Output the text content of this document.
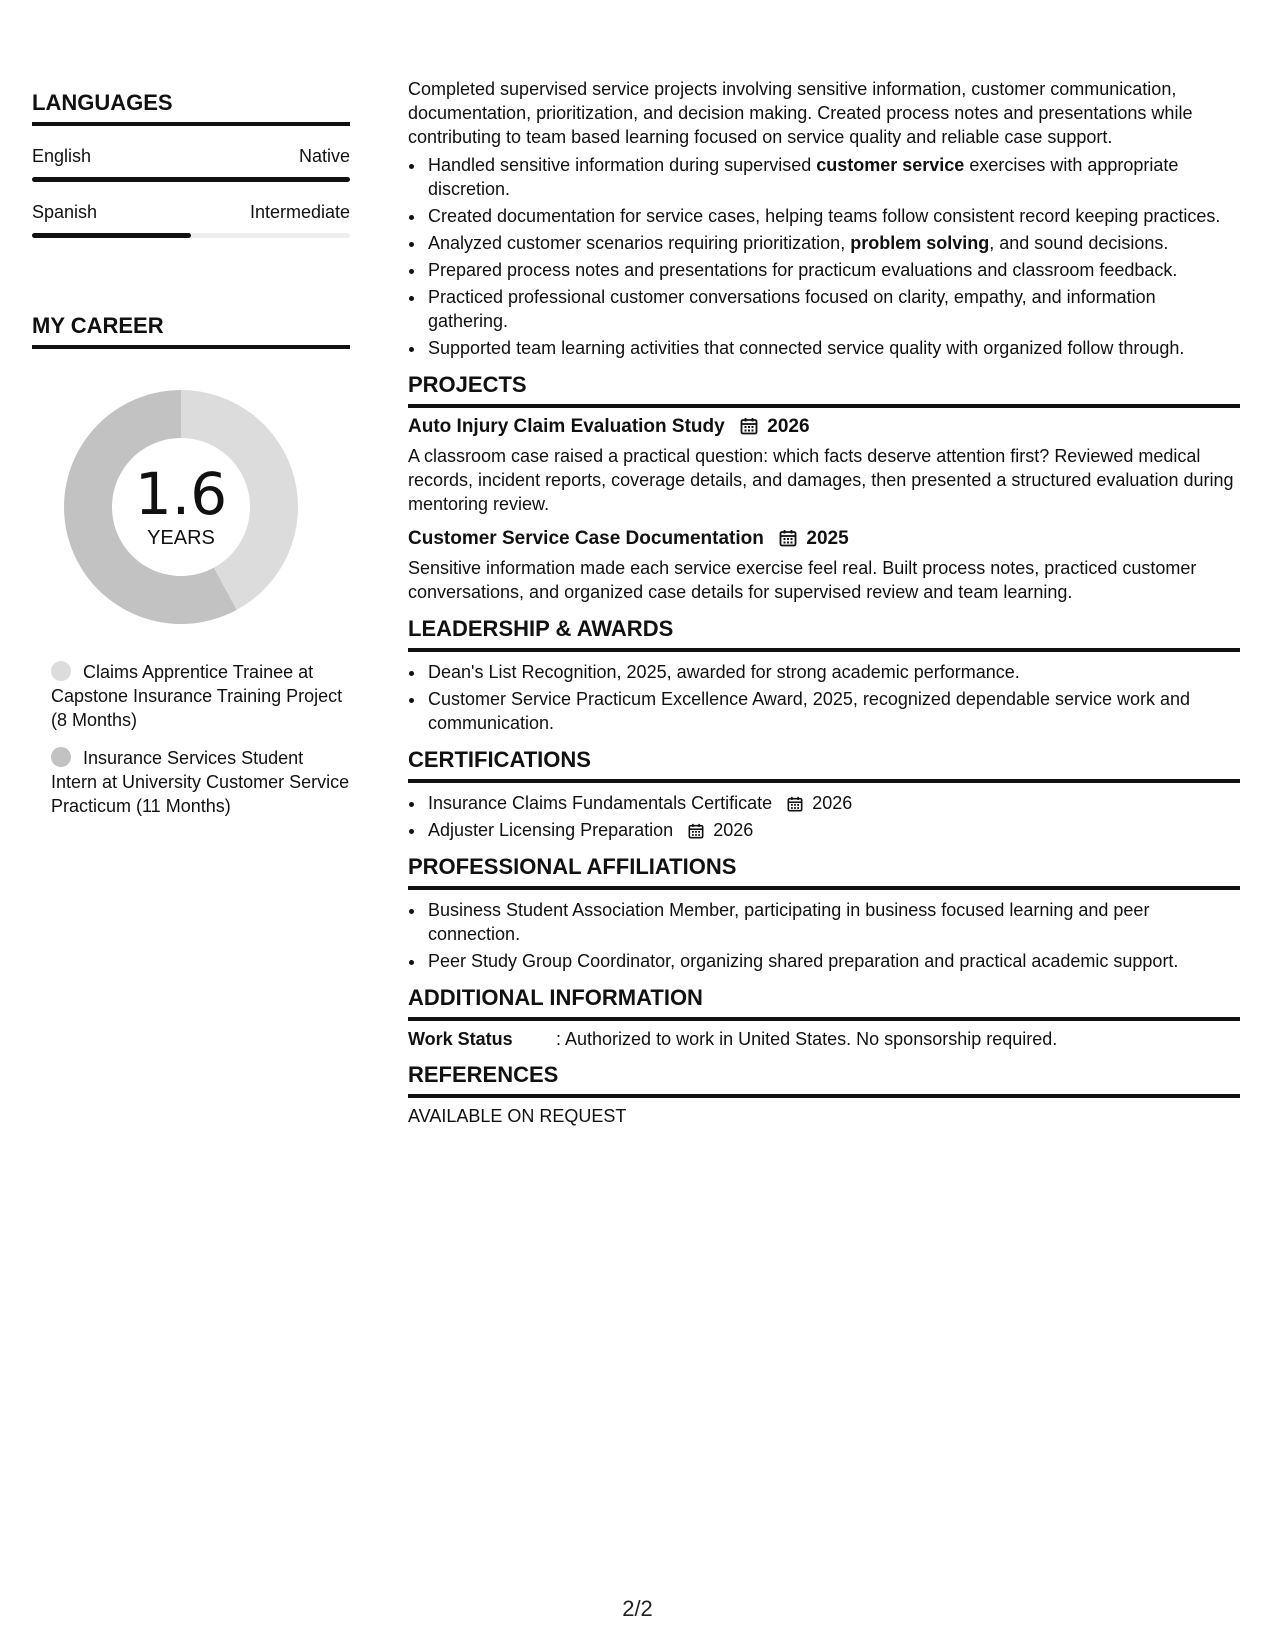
LANGUAGES
English	Native
Spanish	Intermediate
MY CAREER
1.6
YEARS
Claims Apprentice Trainee at Capstone Insurance Training Project (8 Months)
Insurance Services Student Intern at University Customer Service Practicum (11 Months)

Completed supervised service projects involving sensitive information, customer communication, documentation, prioritization, and decision making. Created process notes and presentations while contributing to team based learning focused on service quality and reliable case support.

• Handled sensitive information during supervised customer service exercises with appropriate discretion.
• Created documentation for service cases, helping teams follow consistent record keeping practices.
• Analyzed customer scenarios requiring prioritization, problem solving, and sound decisions.
• Prepared process notes and presentations for practicum evaluations and classroom feedback.
• Practiced professional customer conversations focused on clarity, empathy, and information gathering.
• Supported team learning activities that connected service quality with organized follow through.
PROJECTS
Auto Injury Claim Evaluation Study 2026
A classroom case raised a practical question: which facts deserve attention first? Reviewed medical records, incident reports, coverage details, and damages, then presented a structured evaluation during mentoring review.
Customer Service Case Documentation 2025
Sensitive information made each service exercise feel real. Built process notes, practiced customer conversations, and organized case details for supervised review and team learning.
LEADERSHIP & AWARDS
• Dean's List Recognition, 2025, awarded for strong academic performance.
• Customer Service Practicum Excellence Award, 2025, recognized dependable service work and communication.
CERTIFICATIONS
• Insurance Claims Fundamentals Certificate 2026
• Adjuster Licensing Preparation 2026
PROFESSIONAL AFFILIATIONS
• Business Student Association Member, participating in business focused learning and peer connection.
• Peer Study Group Coordinator, organizing shared preparation and practical academic support.
ADDITIONAL INFORMATION
Work Status	: Authorized to work in United States. No sponsorship required.
REFERENCES
AVAILABLE ON REQUEST
2/2
